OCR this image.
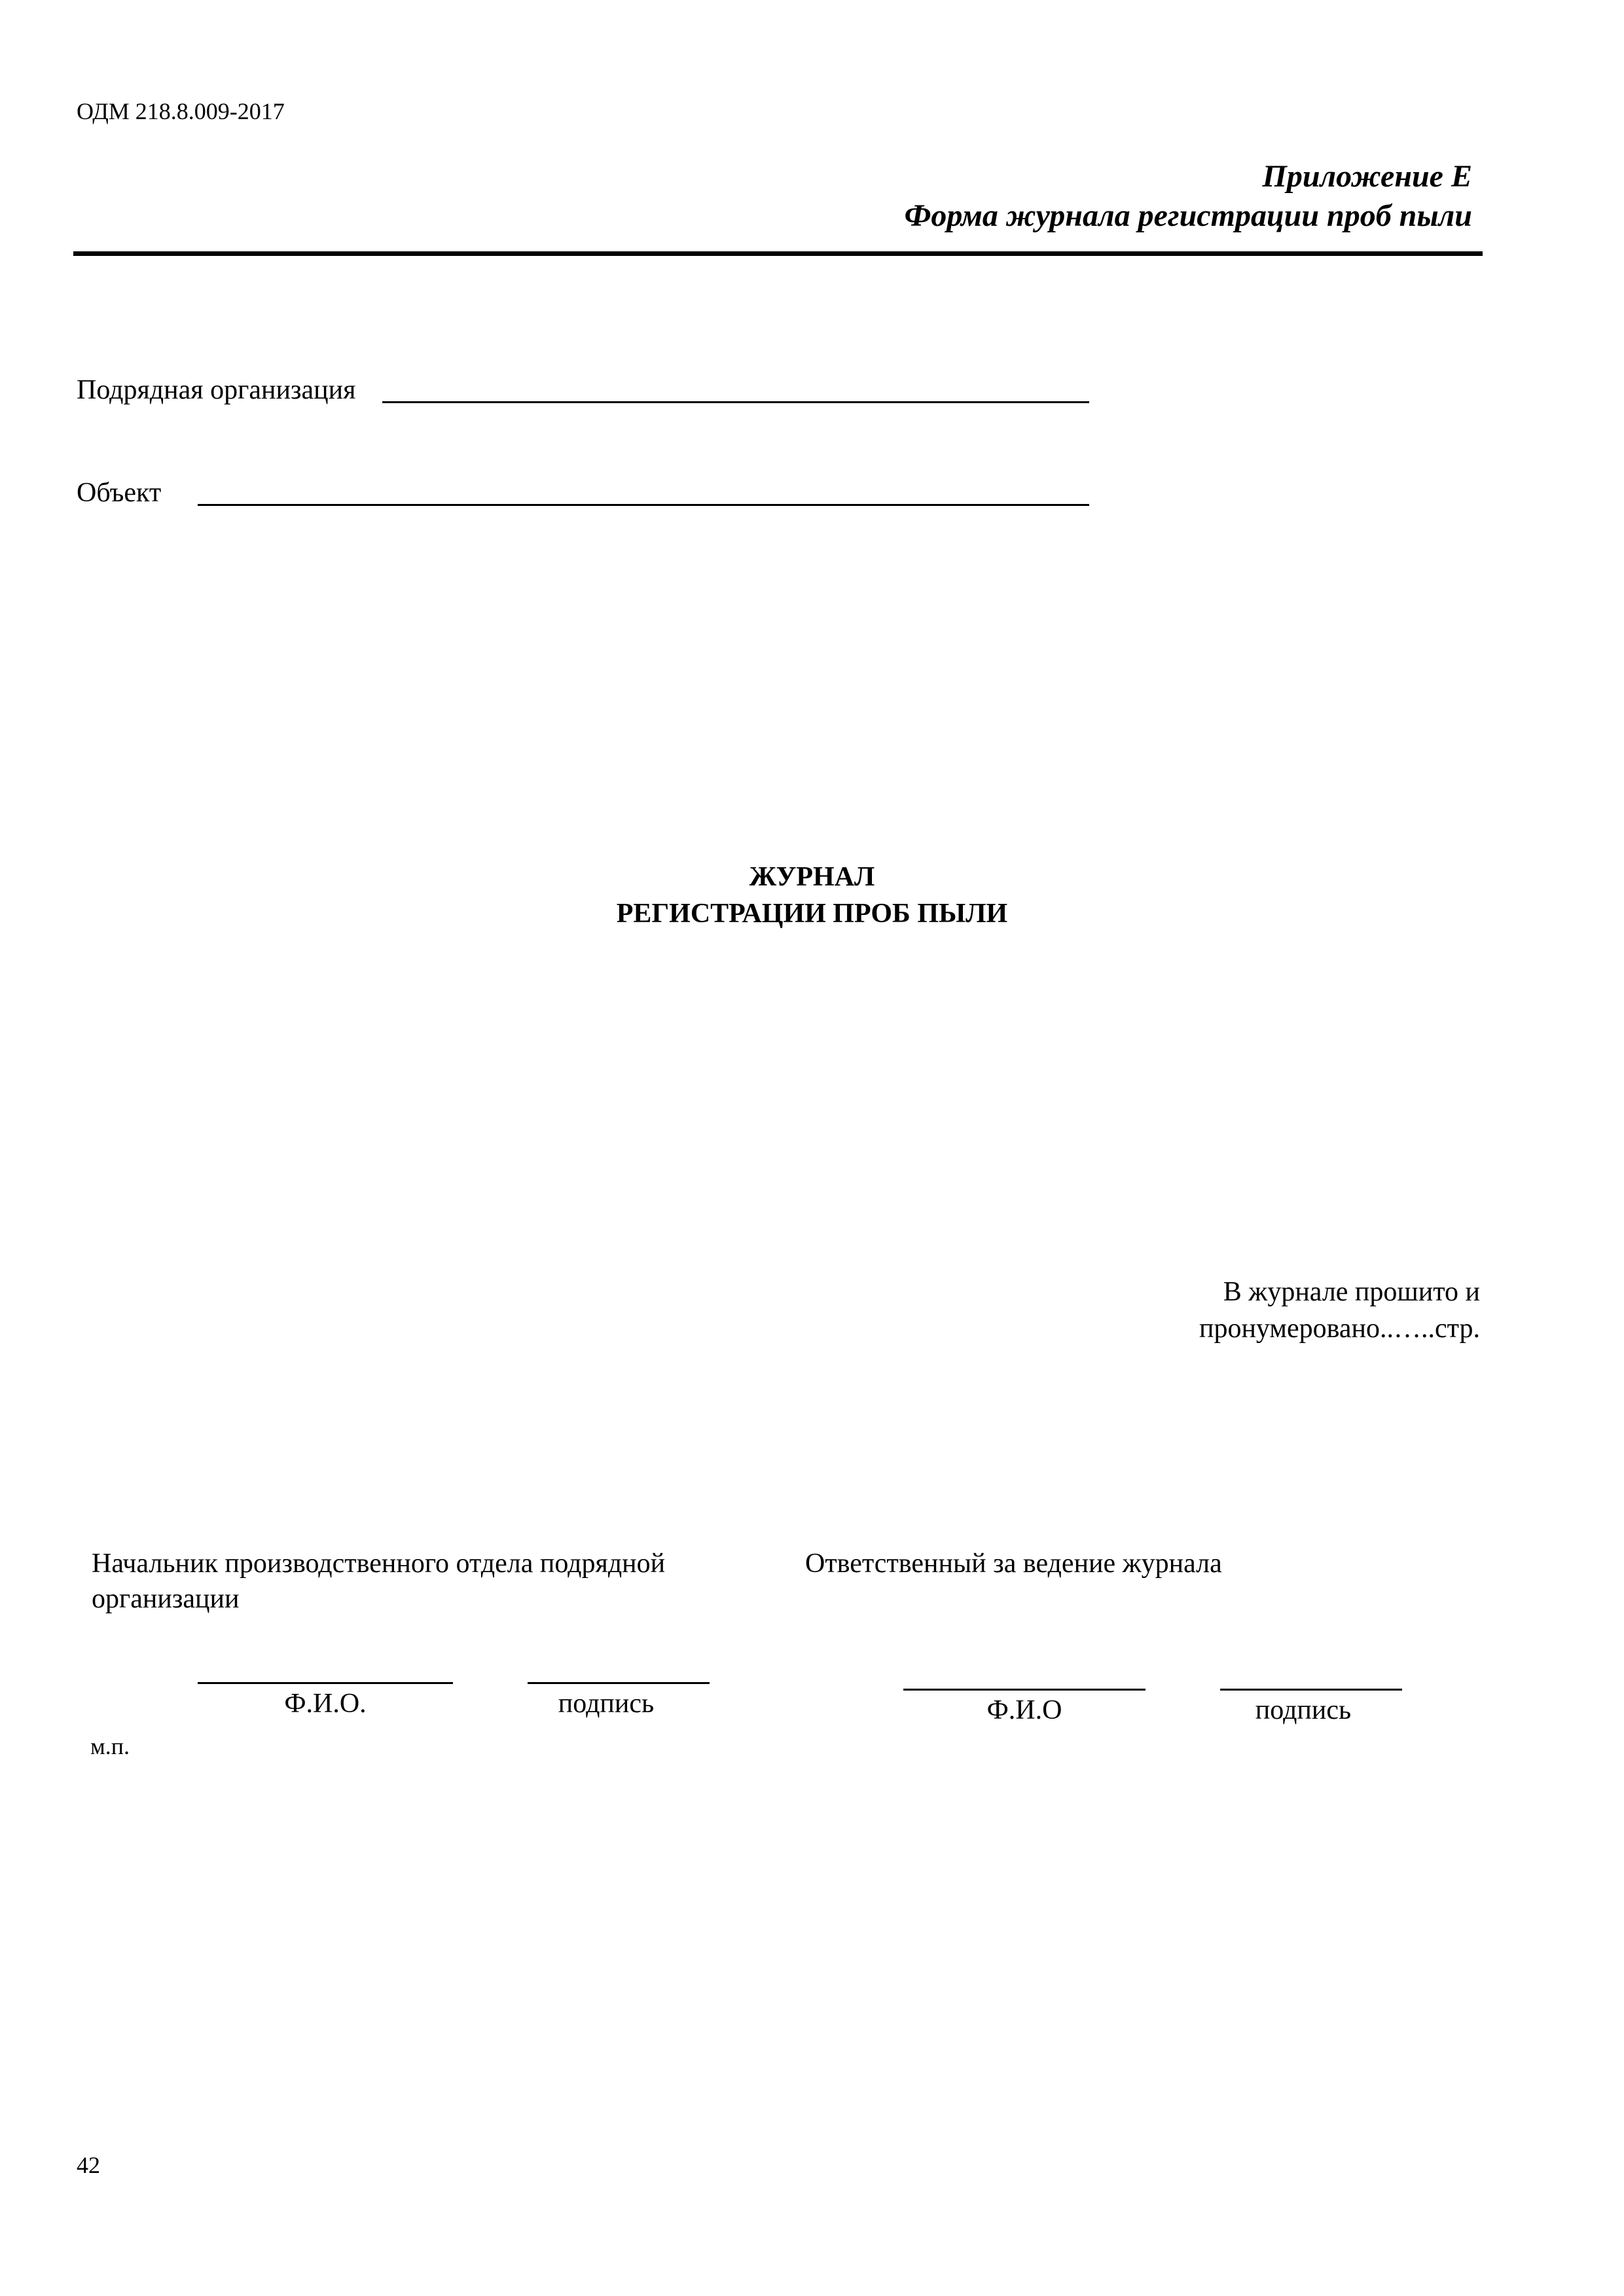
ОДМ 218.8.009-2017
Приложение Е
Форма журнала регистрации проб пыли
Подрядная организация
Объект
ЖУРНАЛ
РЕГИСТРАЦИИ ПРОБ ПЫЛИ
В журнале прошито и
пронумеровано..…..стр.
Начальник производственного отдела подрядной
организации
Ф.И.О.	подпись
м.п.
Ответственный за ведение журнала
Ф.И.О	подпись
42
